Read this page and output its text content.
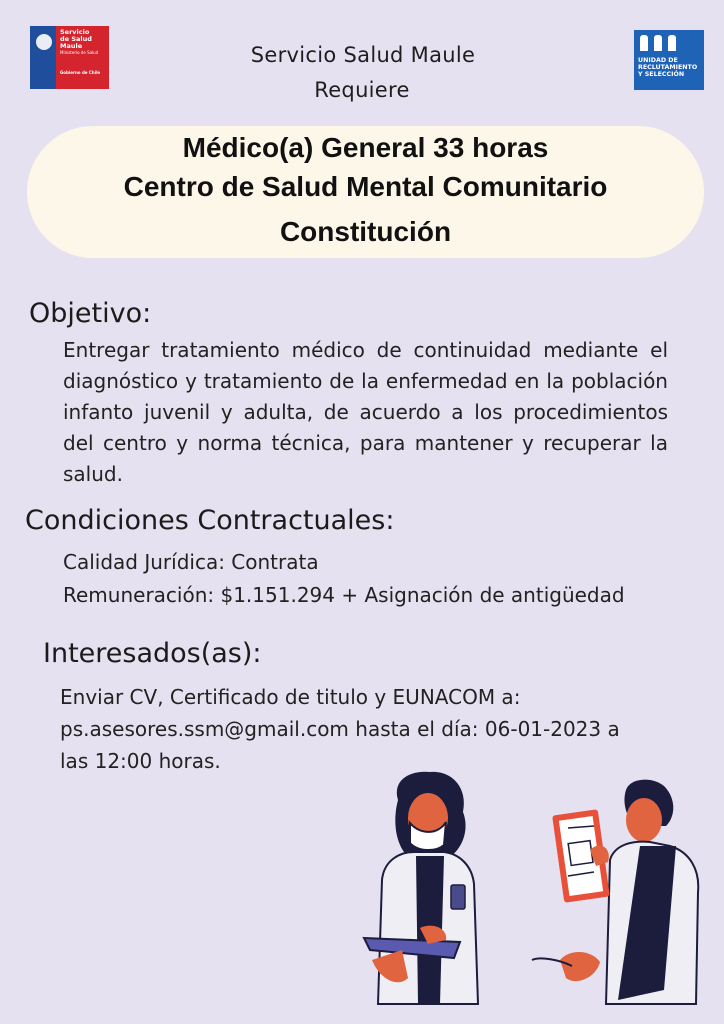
Servicio
de Salud
Maule
Ministerio de Salud
Gobierno de Chile
Servicio Salud Maule
Requiere
UNIDAD DE
RECLUTAMIENTO
Y SELECCIÓN
Médico(a) General 33 horas
Centro de Salud Mental Comunitario
Constitución
Objetivo:
Entregar tratamiento médico de continuidad mediante el diagnóstico y tratamiento de la enfermedad en la población infanto juvenil y adulta, de acuerdo a los procedimientos del centro y norma técnica, para mantener y recuperar la salud.
Condiciones Contractuales:
Calidad Jurídica: Contrata
Remuneración: $1.151.294 + Asignación de antigüedad
Interesados(as):
Enviar CV, Certificado de titulo y EUNACOM a:
ps.asesores.ssm@gmail.com hasta el día: 06-01-2023 a
las 12:00 horas.
